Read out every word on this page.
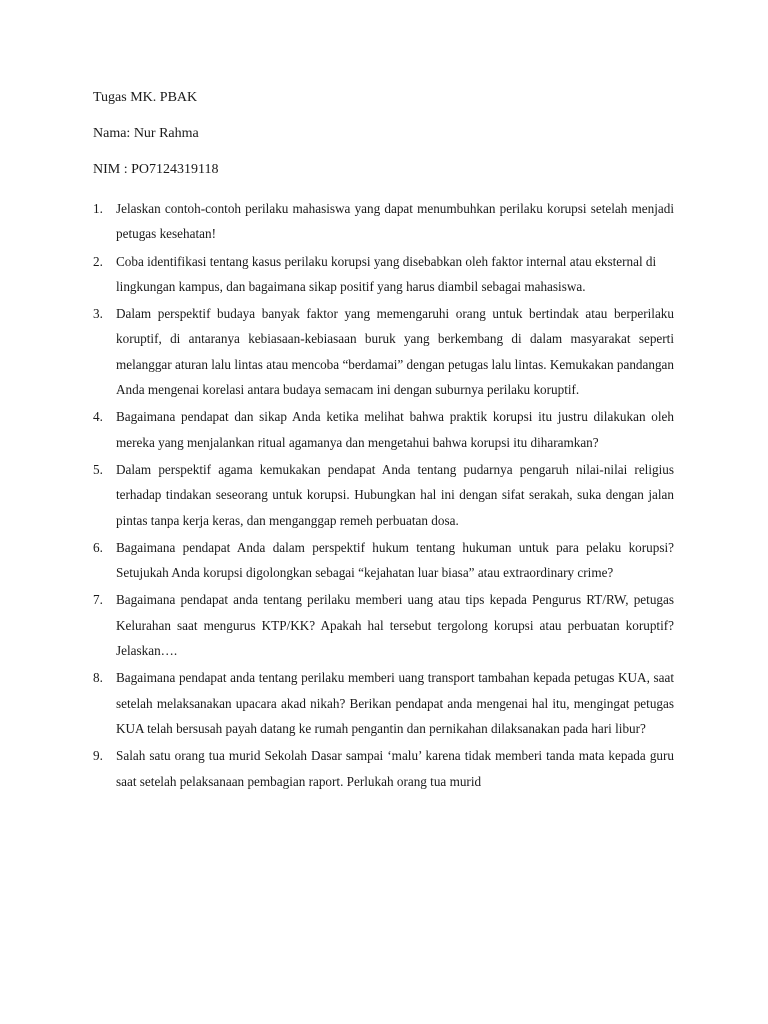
Tugas MK. PBAK
Nama: Nur Rahma
NIM : PO7124319118
1. Jelaskan contoh-contoh perilaku mahasiswa yang dapat menumbuhkan perilaku korupsi setelah menjadi petugas kesehatan!
2. Coba identifikasi tentang kasus perilaku korupsi yang disebabkan oleh faktor internal atau eksternal di lingkungan kampus, dan bagaimana sikap positif yang harus diambil sebagai mahasiswa.
3. Dalam perspektif budaya banyak faktor yang memengaruhi orang untuk bertindak atau berperilaku koruptif, di antaranya kebiasaan-kebiasaan buruk yang berkembang di dalam masyarakat seperti melanggar aturan lalu lintas atau mencoba “berdamai” dengan petugas lalu lintas. Kemukakan pandangan Anda mengenai korelasi antara budaya semacam ini dengan suburnya perilaku koruptif.
4. Bagaimana pendapat dan sikap Anda ketika melihat bahwa praktik korupsi itu justru dilakukan oleh mereka yang menjalankan ritual agamanya dan mengetahui bahwa korupsi itu diharamkan?
5. Dalam perspektif agama kemukakan pendapat Anda tentang pudarnya pengaruh nilai-nilai religius terhadap tindakan seseorang untuk korupsi. Hubungkan hal ini dengan sifat serakah, suka dengan jalan pintas tanpa kerja keras, dan menganggap remeh perbuatan dosa.
6. Bagaimana pendapat Anda dalam perspektif hukum tentang hukuman untuk para pelaku korupsi? Setujukah Anda korupsi digolongkan sebagai “kejahatan luar biasa” atau extraordinary crime?
7. Bagaimana pendapat anda tentang perilaku memberi uang atau tips kepada Pengurus RT/RW, petugas Kelurahan saat mengurus KTP/KK? Apakah hal tersebut tergolong korupsi atau perbuatan koruptif? Jelaskan….
8. Bagaimana pendapat anda tentang perilaku memberi uang transport tambahan kepada petugas KUA, saat setelah melaksanakan upacara akad nikah? Berikan pendapat anda mengenai hal itu, mengingat petugas KUA telah bersusah payah datang ke rumah pengantin dan pernikahan dilaksanakan pada hari libur?
9. Salah satu orang tua murid Sekolah Dasar sampai ‘malu’ karena tidak memberi tanda mata kepada guru saat setelah pelaksanaan pembagian raport. Perlukah orang tua murid
